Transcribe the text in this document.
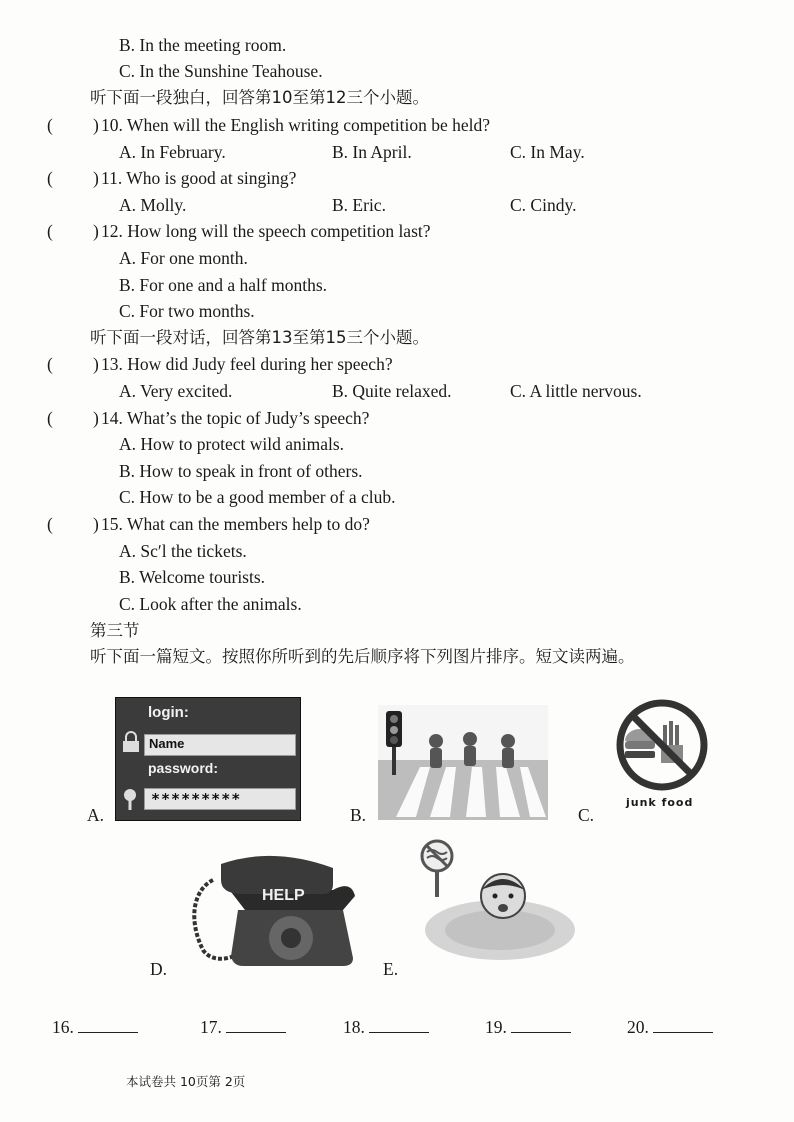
B. In the meeting room.
C. In the Sunshine Teahouse.
听下面一段独白，回答第10至第12三个小题。
( ) 10. When will the English writing competition be held?
A. In February.	B. In April.	C. In May.
( ) 11. Who is good at singing?
A. Molly.	B. Eric.	C. Cindy.
( ) 12. How long will the speech competition last?
A. For one month.
B. For one and a half months.
C. For two months.
听下面一段对话，回答第13至第15三个小题。
( ) 13. How did Judy feel during her speech?
A. Very excited.	B. Quite relaxed.	C. A little nervous.
( ) 14. What’s the topic of Judy’s speech?
A. How to protect wild animals.
B. How to speak in front of others.
C. How to be a good member of a club.
( ) 15. What can the members help to do?
A. Scʹl the tickets.
B. Welcome tourists.
C. Look after the animals.
第三节
听下面一篇短文。按照你所听到的先后顺序将下列图片排序。短文读两遍。
login:
Name
password:
*********
A.	B.
junk food
C.
HELP
D.	E.
16.	17.	18.	19.	20.
本试卷共 10页第 2页
